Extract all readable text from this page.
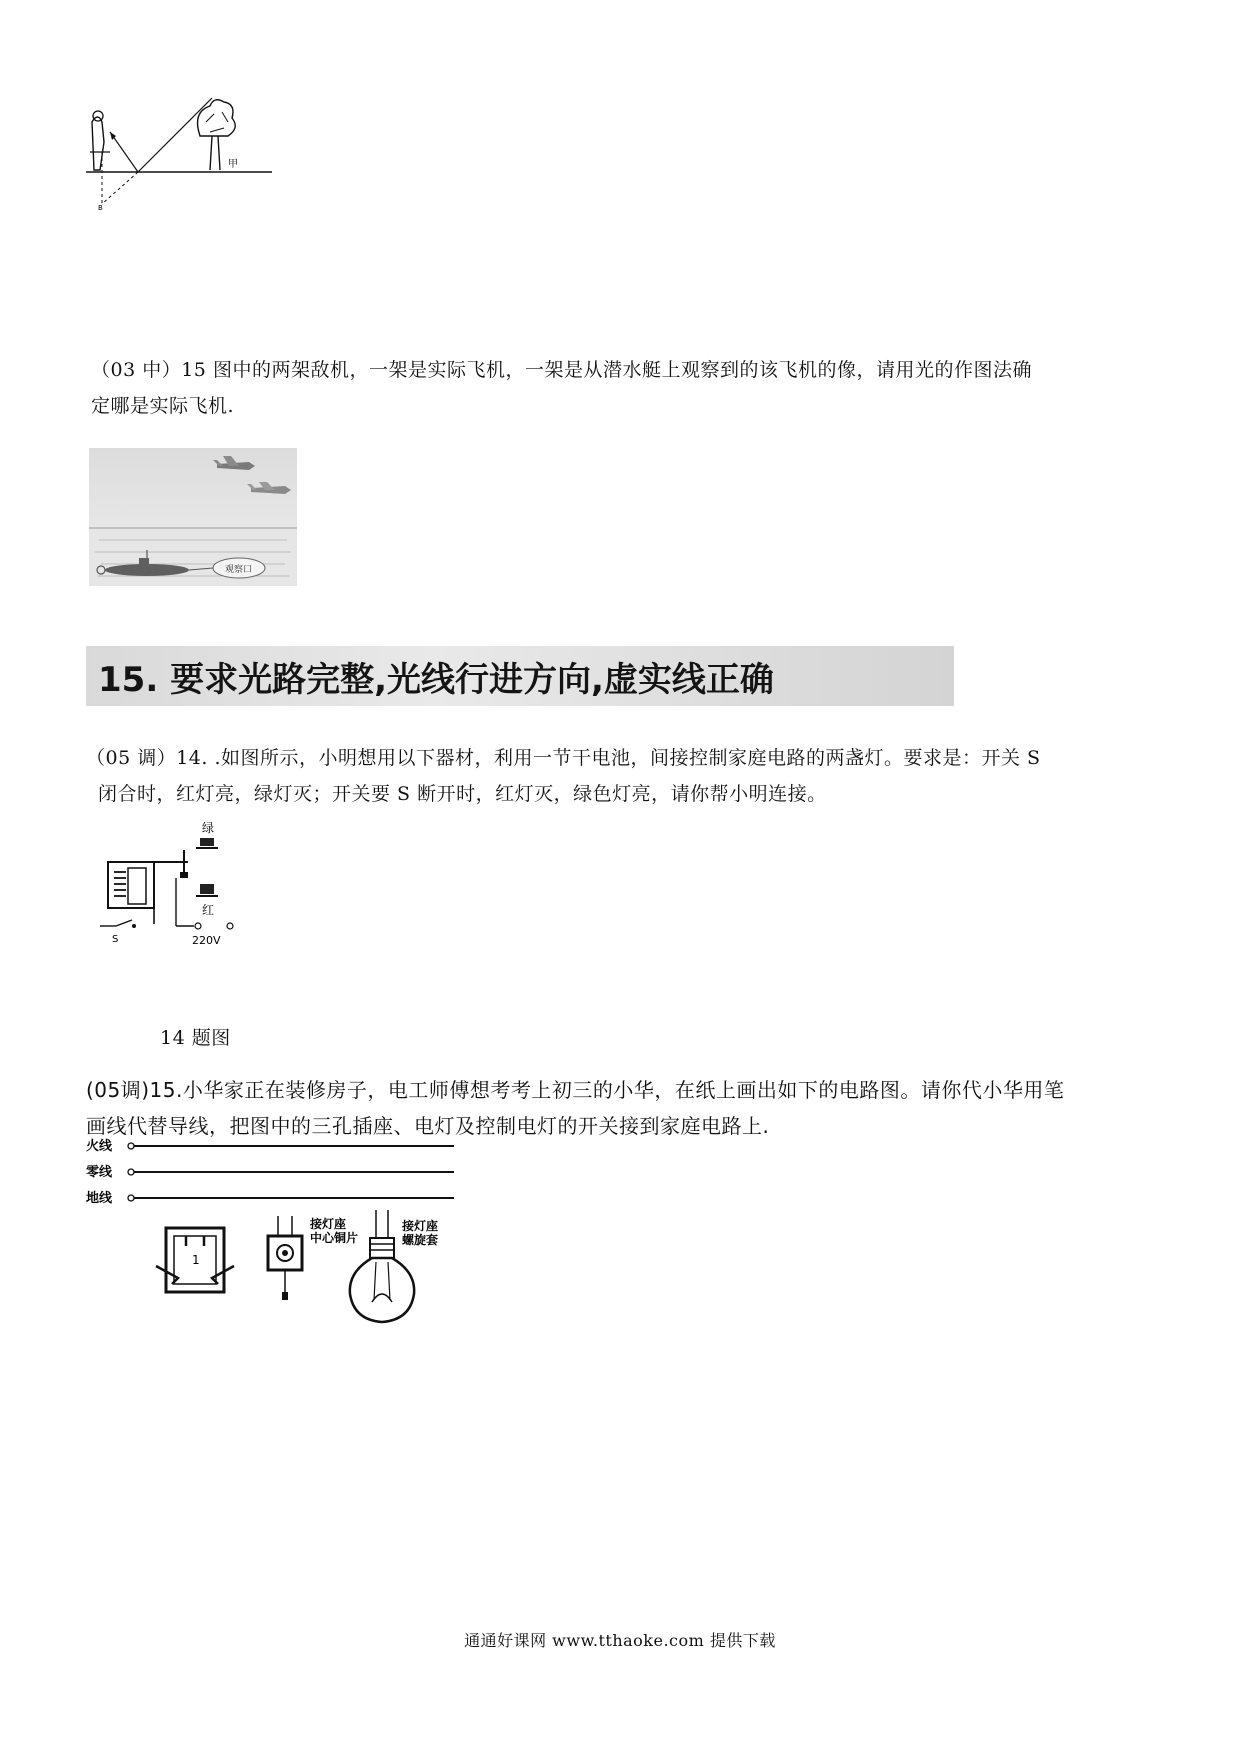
甲
B
（03 中）15 图中的两架敌机，一架是实际飞机，一架是从潜水艇上观察到的该飞机的像，请用光的作图法确
定哪是实际飞机.
观察口
15. 要求光路完整,光线行进方向,虚实线正确
（05 调）14. .如图所示，小明想用以下器材，利用一节干电池，间接控制家庭电路的两盏灯。要求是：开关 S
闭合时，红灯亮，绿灯灭；开关要 S 断开时，红灯灭，绿色灯亮，请你帮小明连接。
绿
红
S	220V
14 题图
(05调)15.小华家正在装修房子，电工师傅想考考上初三的小华，在纸上画出如下的电路图。请你代小华用笔
画线代替导线，把图中的三孔插座、电灯及控制电灯的开关接到家庭电路上.
火线
零线
地线
1
接灯座
中心铜片
接灯座
螺旋套
通通好课网 www.tthaoke.com 提供下载
